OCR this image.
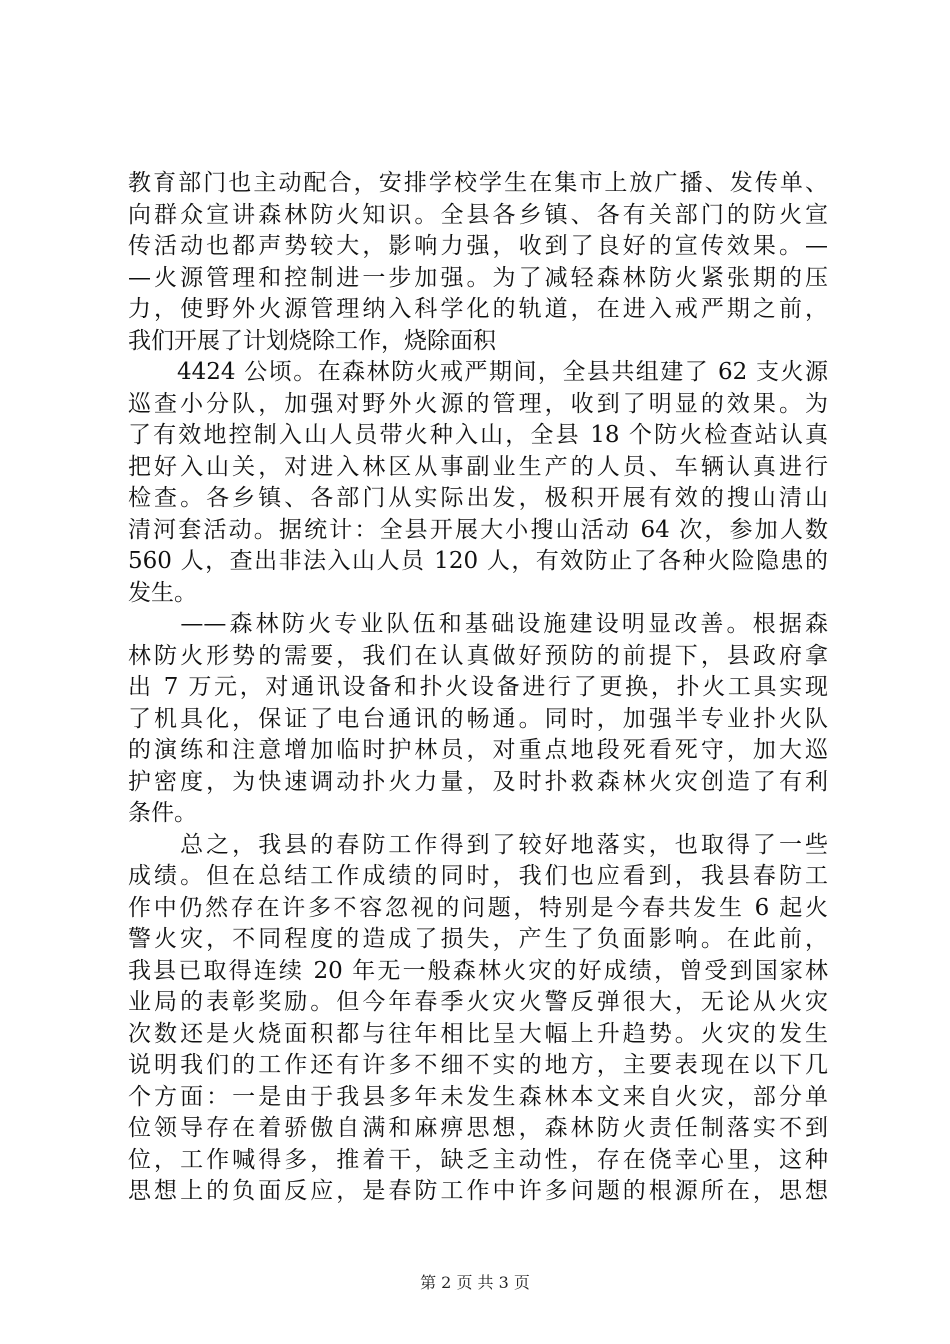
教育部门也主动配合，安排学校学生在集市上放广播、发传单、
向群众宣讲森林防火知识。全县各乡镇、各有关部门的防火宣
传活动也都声势较大，影响力强，收到了良好的宣传效果。—
—火源管理和控制进一步加强。为了减轻森林防火紧张期的压
力，使野外火源管理纳入科学化的轨道，在进入戒严期之前，
我们开展了计划烧除工作，烧除面积
　　4424 公顷。在森林防火戒严期间，全县共组建了 62 支火源
巡查小分队，加强对野外火源的管理，收到了明显的效果。为
了有效地控制入山人员带火种入山，全县 18 个防火检查站认真
把好入山关，对进入林区从事副业生产的人员、车辆认真进行
检查。各乡镇、各部门从实际出发，极积开展有效的搜山清山
清河套活动。据统计：全县开展大小搜山活动 64 次，参加人数
560 人，查出非法入山人员 120 人，有效防止了各种火险隐患的
发生。
　　——森林防火专业队伍和基础设施建设明显改善。根据森
林防火形势的需要，我们在认真做好预防的前提下，县政府拿
出 7 万元，对通讯设备和扑火设备进行了更换，扑火工具实现
了机具化，保证了电台通讯的畅通。同时，加强半专业扑火队
的演练和注意增加临时护林员，对重点地段死看死守，加大巡
护密度，为快速调动扑火力量，及时扑救森林火灾创造了有利
条件。
　　总之，我县的春防工作得到了较好地落实，也取得了一些
成绩。但在总结工作成绩的同时，我们也应看到，我县春防工
作中仍然存在许多不容忽视的问题，特别是今春共发生 6 起火
警火灾，不同程度的造成了损失，产生了负面影响。在此前，
我县已取得连续 20 年无一般森林火灾的好成绩，曾受到国家林
业局的表彰奖励。但今年春季火灾火警反弹很大，无论从火灾
次数还是火烧面积都与往年相比呈大幅上升趋势。火灾的发生
说明我们的工作还有许多不细不实的地方，主要表现在以下几
个方面：一是由于我县多年未发生森林本文来自火灾，部分单
位领导存在着骄傲自满和麻痹思想，森林防火责任制落实不到
位，工作喊得多，推着干，缺乏主动性，存在侥幸心里，这种
思想上的负面反应，是春防工作中许多问题的根源所在，思想
第 2 页 共 3 页
